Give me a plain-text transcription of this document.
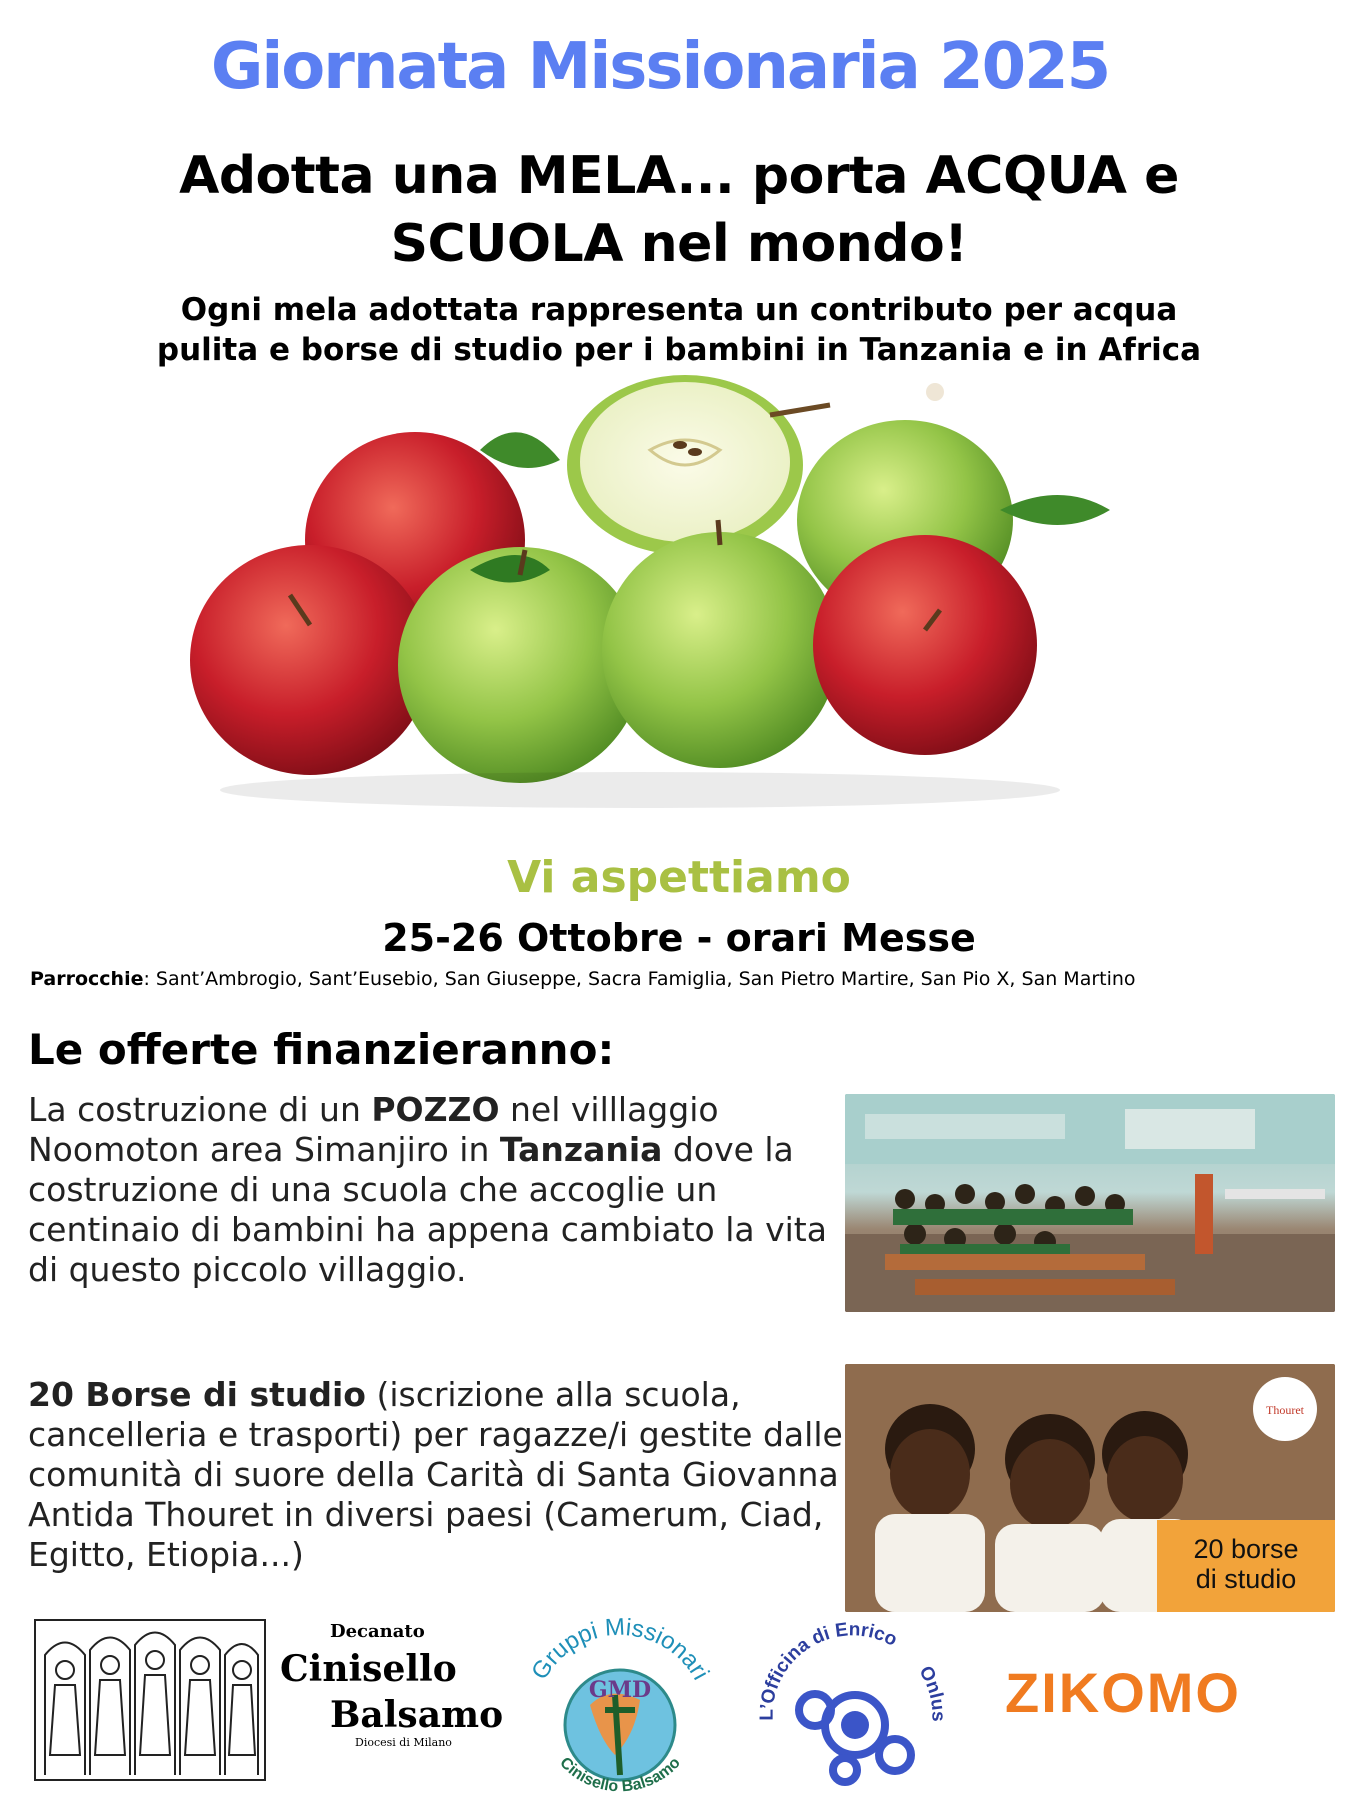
Giornata Missionaria 2025
Adotta una MELA... porta ACQUA e
SCUOLA nel mondo!
Ogni mela adottata rappresenta un contributo per acqua
pulita e borse di studio per i bambini in Tanzania e in Africa
Vi aspettiamo
25-26 Ottobre - orari Messe
Parrocchie: Sant’Ambrogio, Sant’Eusebio, San Giuseppe, Sacra Famiglia, San Pietro Martire, San Pio X, San Martino
Le offerte finanzieranno:
La costruzione di un POZZO nel villlaggio Noomoton area Simanjiro in Tanzania dove la costruzione di una scuola che accoglie un centinaio di bambini ha appena cambiato la vita di questo piccolo villaggio.
20 Borse di studio (iscrizione alla scuola, cancelleria e trasporti) per ragazze/i gestite dalle comunità di suore della Carità di Santa Giovanna Antida Thouret in diversi paesi (Camerum, Ciad, Egitto, Etiopia...)
Thouret
20 borse
di studio
Decanato
Cinisello
Balsamo
Diocesi di Milano
Gruppi Missionari
GMD
Cinisello Balsamo
L’Officina di Enrico
Onlus ZIKOMO
